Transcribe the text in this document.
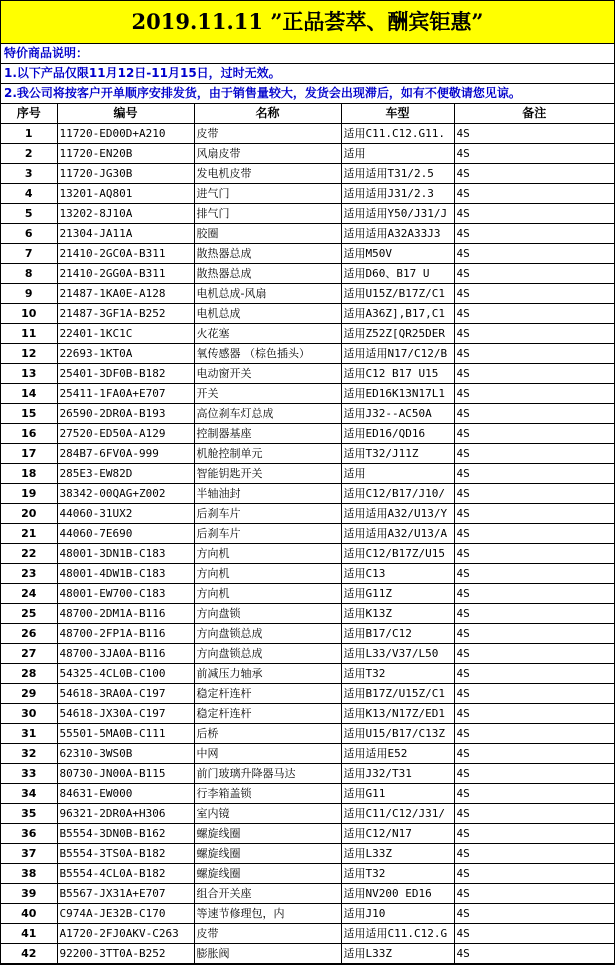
2019.11.11 ”正品荟萃、酬宾钜惠”
特价商品说明：
1.以下产品仅限11月12日-11月15日，过时无效。
2.我公司将按客户开单顺序安排发货，由于销售量较大，发货会出现滞后，如有不便敬请您见谅。
序号	编号	名称	车型	备注
1	11720-ED00D+A210	皮带	适用C11.C12.G11.	4S
2	11720-EN20B	风扇皮带	适用	4S
3	11720-JG30B	发电机皮带	适用适用T31/2.5	4S
4	13201-AQ801	进气门	适用适用J31/2.3	4S
5	13202-8J10A	排气门	适用适用Y50/J31/J	4S
6	21304-JA11A	胶圈	适用适用A32A33J3	4S
7	21410-2GC0A-B311	散热器总成	适用M50V	4S
8	21410-2GG0A-B311	散热器总成	适用D60、B17 U	4S
9	21487-1KA0E-A128	电机总成-风扇	适用U15Z/B17Z/C1	4S
10	21487-3GF1A-B252	电机总成	适用A36Z],B17,C1	4S
11	22401-1KC1C	火花塞	适用Z52Z[QR25DER	4S
12	22693-1KT0A	氧传感器 （棕色插头）	适用适用N17/C12/B	4S
13	25401-3DF0B-B182	电动窗开关	适用C12 B17 U15	4S
14	25411-1FA0A+E707	开关	适用ED16K13N17L1	4S
15	26590-2DR0A-B193	高位刹车灯总成	适用J32--AC50A	4S
16	27520-ED50A-A129	控制器基座	适用ED16/QD16	4S
17	284B7-6FV0A-999	机舱控制单元	适用T32/J11Z	4S
18	285E3-EW82D	智能钥匙开关	适用	4S
19	38342-00QAG+Z002	半轴油封	适用C12/B17/J10/	4S
20	44060-31UX2	后刹车片	适用适用A32/U13/Y	4S
21	44060-7E690	后刹车片	适用适用A32/U13/A	4S
22	48001-3DN1B-C183	方向机	适用C12/B17Z/U15	4S
23	48001-4DW1B-C183	方向机	适用C13	4S
24	48001-EW700-C183	方向机	适用G11Z	4S
25	48700-2DM1A-B116	方向盘锁	适用K13Z	4S
26	48700-2FP1A-B116	方向盘锁总成	适用B17/C12	4S
27	48700-3JA0A-B116	方向盘锁总成	适用L33/V37/L50	4S
28	54325-4CL0B-C100	前减压力轴承	适用T32	4S
29	54618-3RA0A-C197	稳定杆连杆	适用B17Z/U15Z/C1	4S
30	54618-JX30A-C197	稳定杆连杆	适用K13/N17Z/ED1	4S
31	55501-5MA0B-C111	后桥	适用U15/B17/C13Z	4S
32	62310-3WS0B	中网	适用适用E52	4S
33	80730-JN00A-B115	前门玻璃升降器马达	适用J32/T31	4S
34	84631-EW000	行李箱盖锁	适用G11	4S
35	96321-2DR0A+H306	室内镜	适用C11/C12/J31/	4S
36	B5554-3DN0B-B162	螺旋线圈	适用C12/N17	4S
37	B5554-3TS0A-B182	螺旋线圈	适用L33Z	4S
38	B5554-4CL0A-B182	螺旋线圈	适用T32	4S
39	B5567-JX31A+E707	组合开关座	适用NV200 ED16	4S
40	C974A-JE32B-C170	等速节修理包，内	适用J10	4S
41	A1720-2FJ0AKV-C263	皮带	适用适用C11.C12.G	4S
42	92200-3TT0A-B252	膨胀阀	适用L33Z	4S
